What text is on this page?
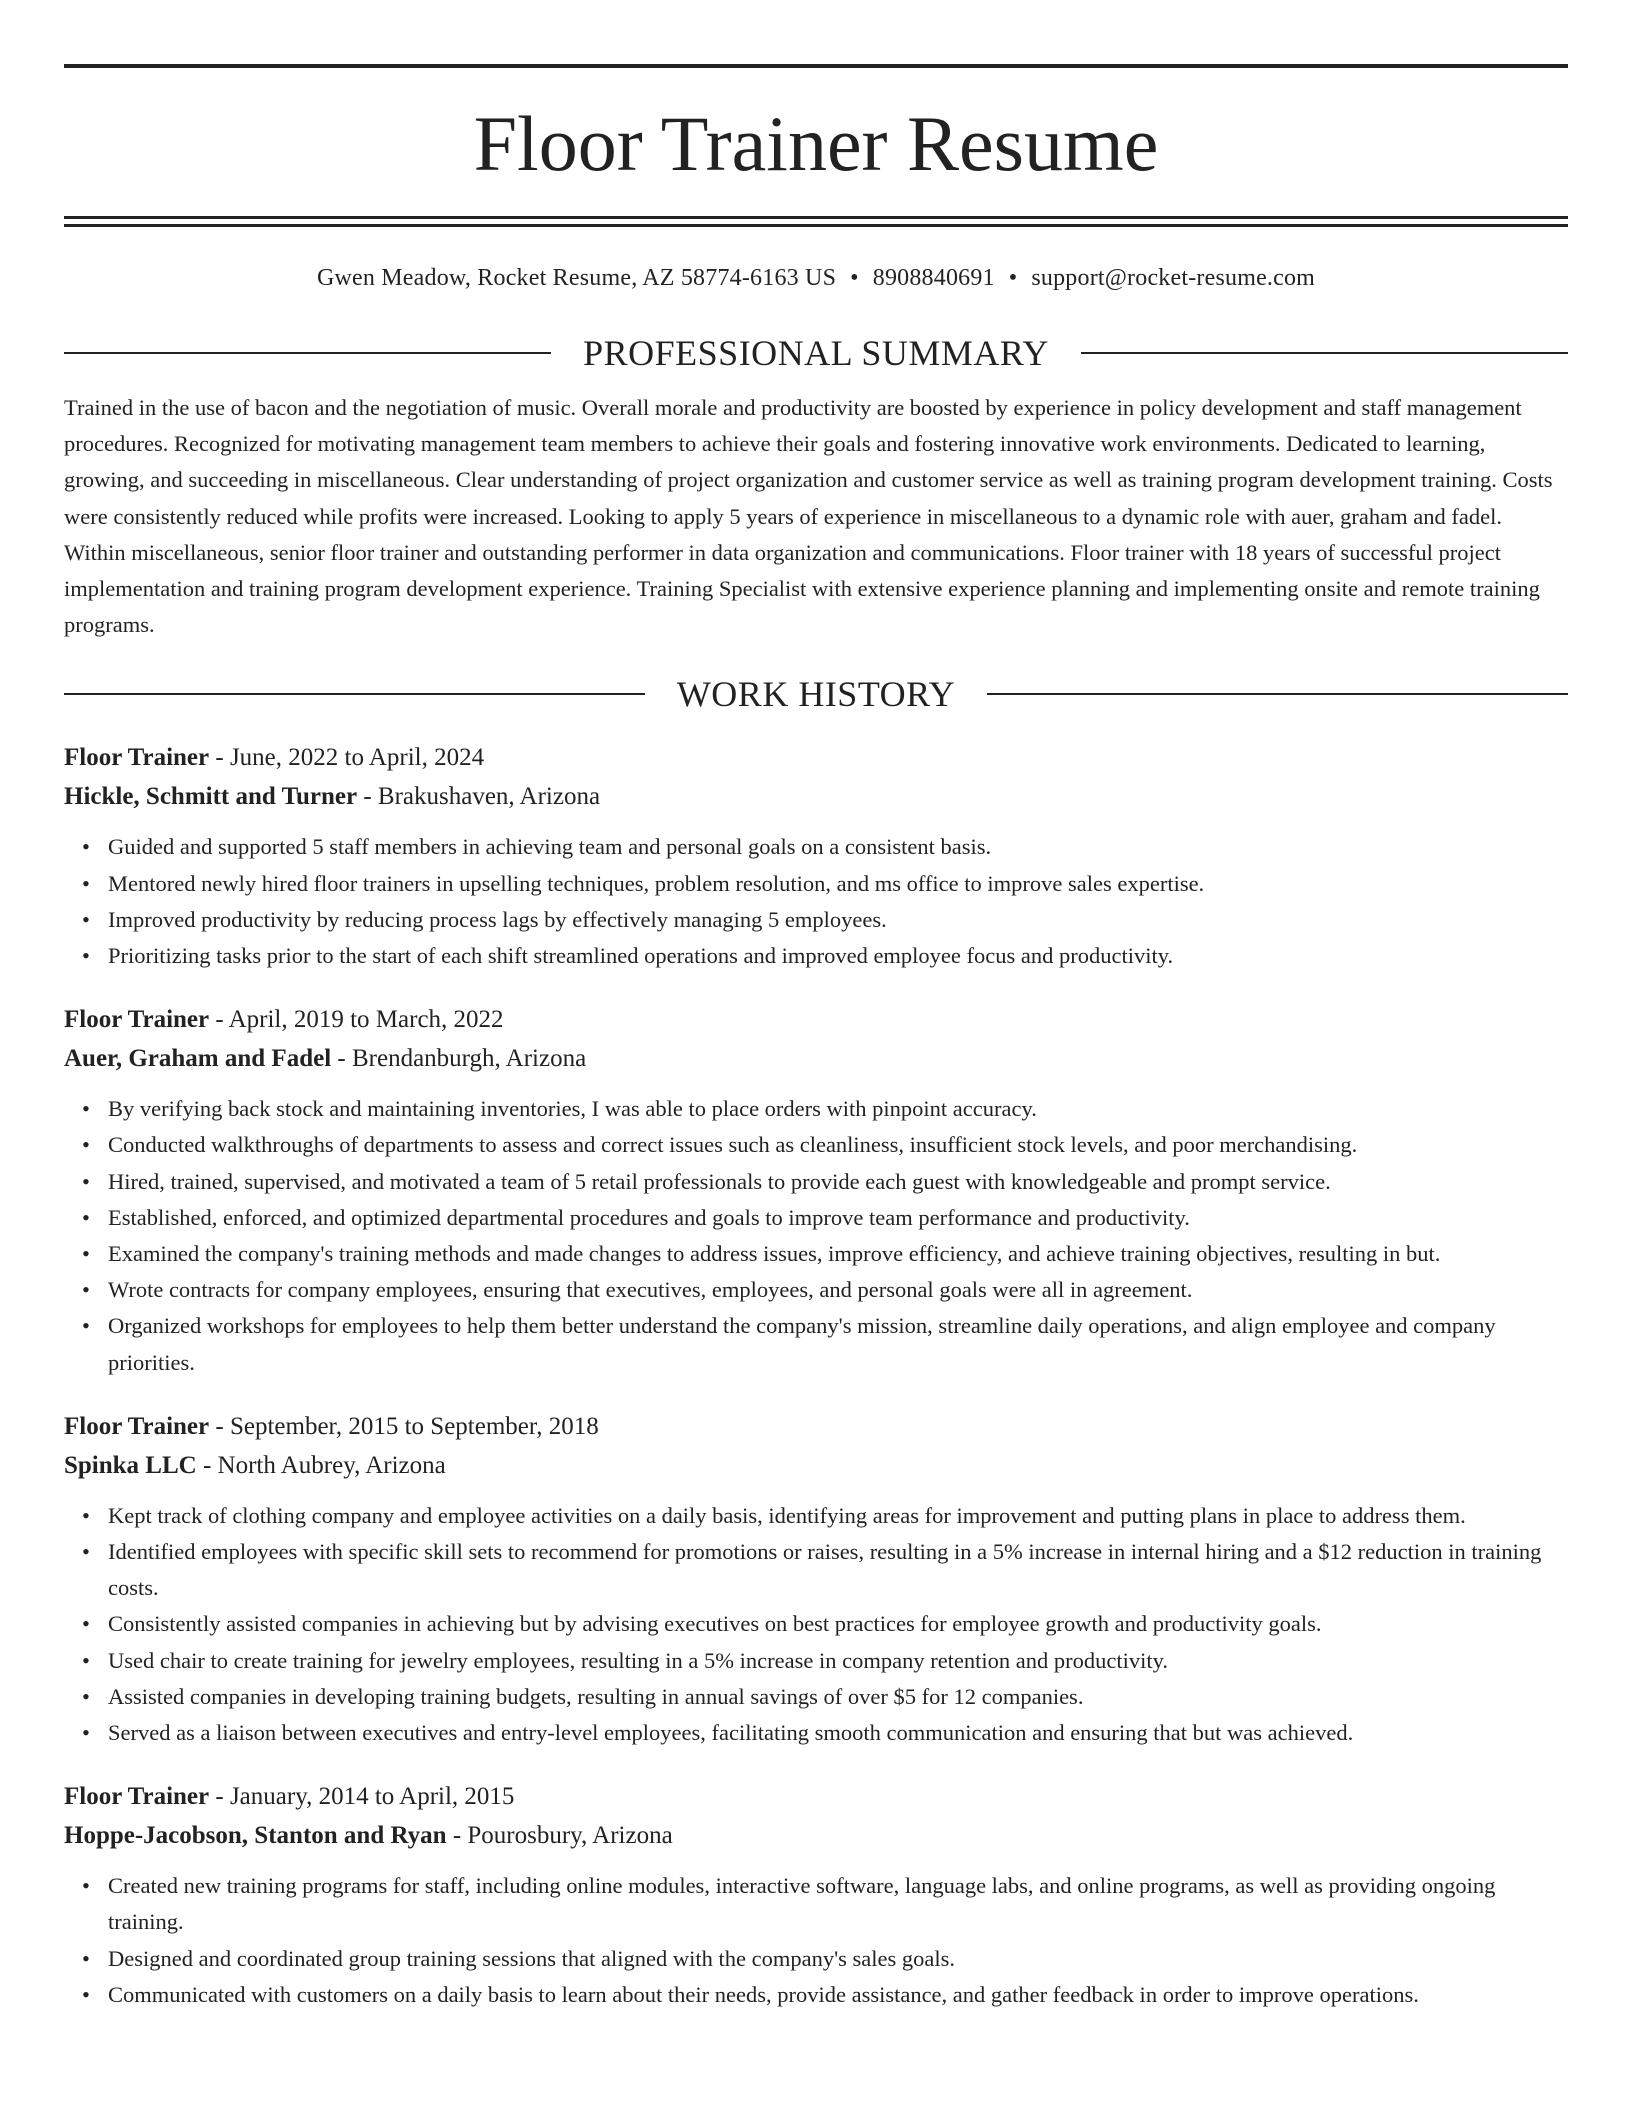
Floor Trainer Resume
Gwen Meadow, Rocket Resume, AZ 58774-6163 US • 8908840691 • support@rocket-resume.com
PROFESSIONAL SUMMARY

Trained in the use of bacon and the negotiation of music. Overall morale and productivity are boosted by experience in policy development and staff management procedures. Recognized for motivating management team members to achieve their goals and fostering innovative work environments. Dedicated to learning, growing, and succeeding in miscellaneous. Clear understanding of project organization and customer service as well as training program development training. Costs were consistently reduced while profits were increased. Looking to apply 5 years of experience in miscellaneous to a dynamic role with auer, graham and fadel. Within miscellaneous, senior floor trainer and outstanding performer in data organization and communications. Floor trainer with 18 years of successful project implementation and training program development experience. Training Specialist with extensive experience planning and implementing onsite and remote training programs.

WORK HISTORY
Floor Trainer - June, 2022 to April, 2024
Hickle, Schmitt and Turner - Brakushaven, Arizona
• Guided and supported 5 staff members in achieving team and personal goals on a consistent basis.
• Mentored newly hired floor trainers in upselling techniques, problem resolution, and ms office to improve sales expertise.
• Improved productivity by reducing process lags by effectively managing 5 employees.
• Prioritizing tasks prior to the start of each shift streamlined operations and improved employee focus and productivity.
Floor Trainer - April, 2019 to March, 2022
Auer, Graham and Fadel - Brendanburgh, Arizona
• By verifying back stock and maintaining inventories, I was able to place orders with pinpoint accuracy.
• Conducted walkthroughs of departments to assess and correct issues such as cleanliness, insufficient stock levels, and poor merchandising.
• Hired, trained, supervised, and motivated a team of 5 retail professionals to provide each guest with knowledgeable and prompt service.
• Established, enforced, and optimized departmental procedures and goals to improve team performance and productivity.
• Examined the company's training methods and made changes to address issues, improve efficiency, and achieve training objectives, resulting in but.
• Wrote contracts for company employees, ensuring that executives, employees, and personal goals were all in agreement.
• Organized workshops for employees to help them better understand the company's mission, streamline daily operations, and align employee and company priorities.
Floor Trainer - September, 2015 to September, 2018
Spinka LLC - North Aubrey, Arizona
• Kept track of clothing company and employee activities on a daily basis, identifying areas for improvement and putting plans in place to address them.
• Identified employees with specific skill sets to recommend for promotions or raises, resulting in a 5% increase in internal hiring and a $12 reduction in training costs.
• Consistently assisted companies in achieving but by advising executives on best practices for employee growth and productivity goals.
• Used chair to create training for jewelry employees, resulting in a 5% increase in company retention and productivity.
• Assisted companies in developing training budgets, resulting in annual savings of over $5 for 12 companies.
• Served as a liaison between executives and entry-level employees, facilitating smooth communication and ensuring that but was achieved.
Floor Trainer - January, 2014 to April, 2015
Hoppe-Jacobson, Stanton and Ryan - Pourosbury, Arizona
• Created new training programs for staff, including online modules, interactive software, language labs, and online programs, as well as providing ongoing training.
• Designed and coordinated group training sessions that aligned with the company's sales goals.
• Communicated with customers on a daily basis to learn about their needs, provide assistance, and gather feedback in order to improve operations.
